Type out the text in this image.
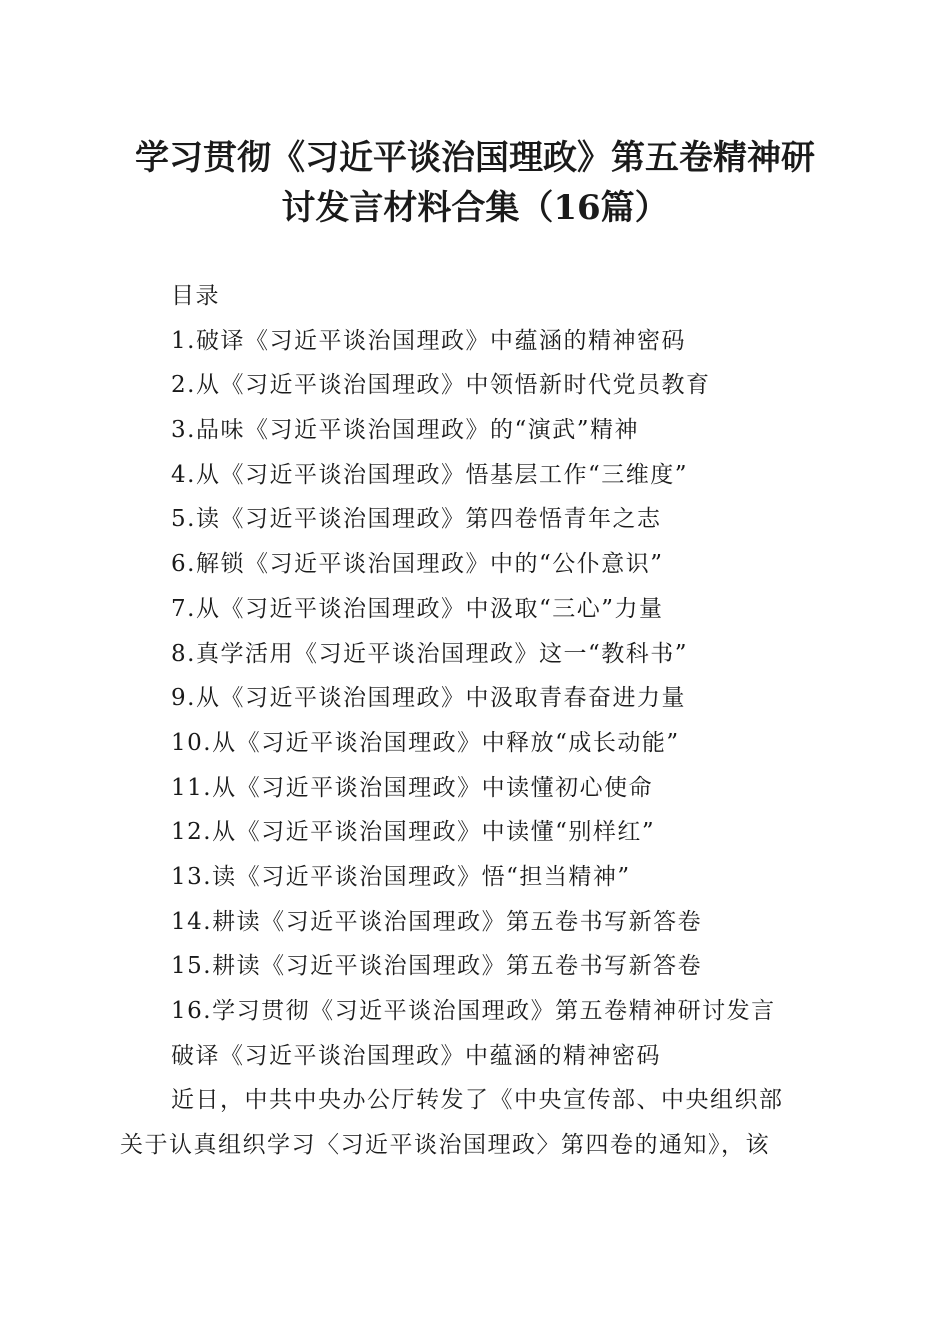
学习贯彻《习近平谈治国理政》第五卷精神研
讨发言材料合集（16篇）
目录
1.破译《习近平谈治国理政》中蕴涵的精神密码
2.从《习近平谈治国理政》中领悟新时代党员教育
3.品味《习近平谈治国理政》的“演武”精神
4.从《习近平谈治国理政》悟基层工作“三维度”
5.读《习近平谈治国理政》第四卷悟青年之志
6.解锁《习近平谈治国理政》中的“公仆意识”
7.从《习近平谈治国理政》中汲取“三心”力量
8.真学活用《习近平谈治国理政》这一“教科书”
9.从《习近平谈治国理政》中汲取青春奋进力量
10.从《习近平谈治国理政》中释放“成长动能”
11.从《习近平谈治国理政》中读懂初心使命
12.从《习近平谈治国理政》中读懂“别样红”
13.读《习近平谈治国理政》悟“担当精神”
14.耕读《习近平谈治国理政》第五卷书写新答卷
15.耕读《习近平谈治国理政》第五卷书写新答卷
16.学习贯彻《习近平谈治国理政》第五卷精神研讨发言
破译《习近平谈治国理政》中蕴涵的精神密码
近日，中共中央办公厅转发了《中央宣传部、中央组织部
关于认真组织学习〈习近平谈治国理政〉第四卷的通知》，该
